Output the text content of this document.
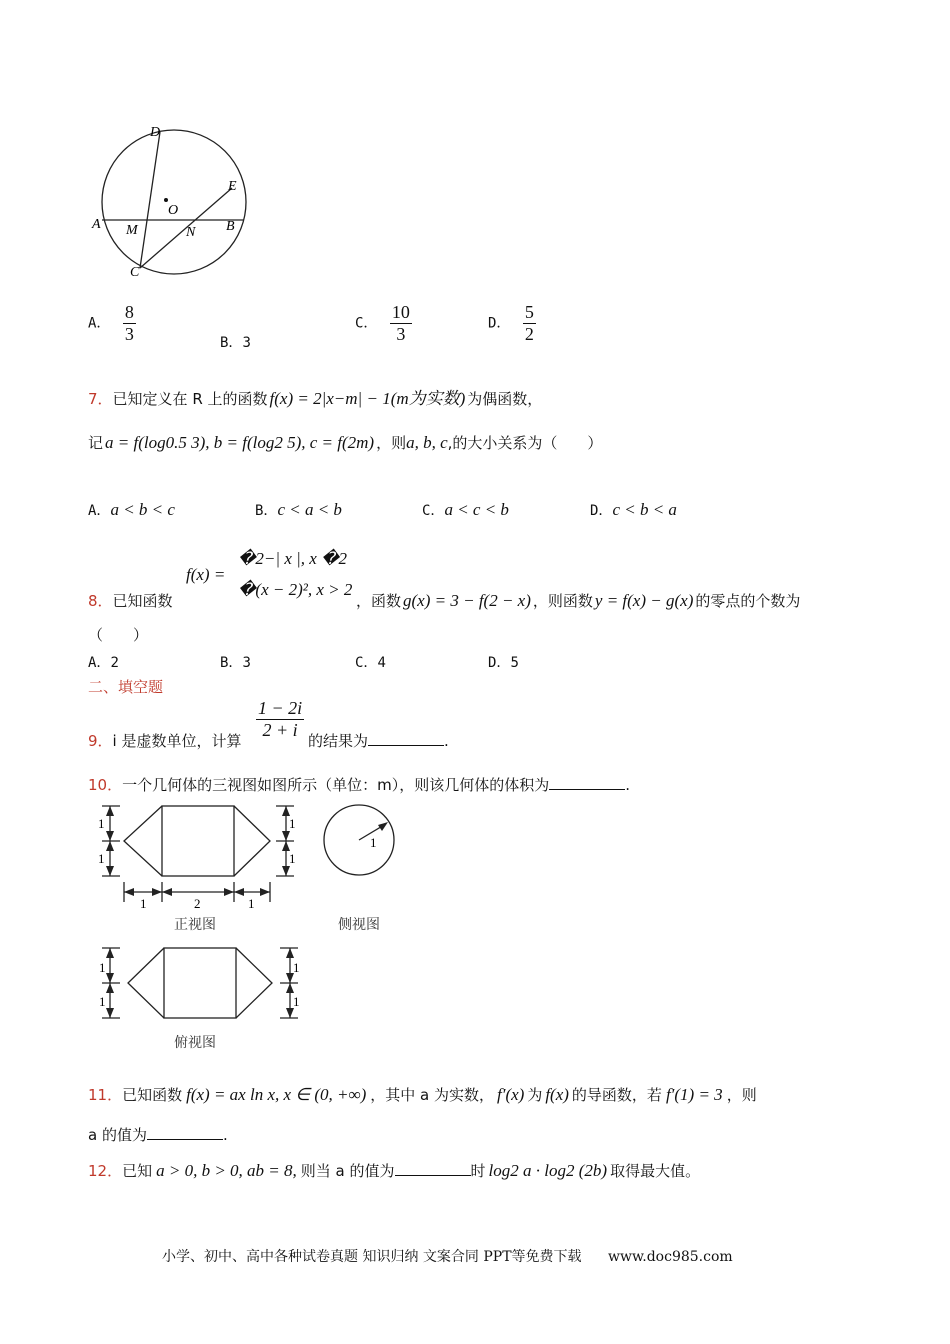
D
E
O
A M	N B
C
A． $\frac{8}{3}$	B．3
C． $\frac{10}{3}$	D． $\frac{5}{2}$
7．已知定义在 R 上的函数 f(x) = 2|x−m| − 1(m为实数) 为偶函数，
记 a = f(log0.5 3), b = f(log2 5), c = f(2m) ，则a, b, c,的大小关系为（　　）
A．a < b < c	B．c < a < b	C．a < c < b	D．c < b < a
�2−| x |, x �2
�(x − 2)², x > 2
f(x) =
8．已知函数	，函数 g(x) = 3 − f(2 − x) ，则函数 y = f(x) − g(x) 的零点的个数为
（　　）
A．2	B．3	C．4	D．5
二、填空题
9．i 是虚数单位，计算 $\frac{1 - 2i}{2 + i}$ 的结果为	.
10．一个几何体的三视图如图所示（单位：m），则该几何体的体积为	.
1
1
1
1
1	2	1
正视图
1
侧视图
1
1
1
1
俯视图
11．已知函数 f(x) = ax ln x, x ∈ (0, +∞) ，其中 a 为实数， f′(x) 为 f(x) 的导函数，若 f′(1) = 3 ，则
a 的值为	.
12．已知 a > 0, b > 0, ab = 8, 则当 a 的值为	时 log2 a · log2 (2b) 取得最大值。
小学、初中、高中各种试卷真题 知识归纳 文案合同 PPT等免费下载 www.doc985.com
